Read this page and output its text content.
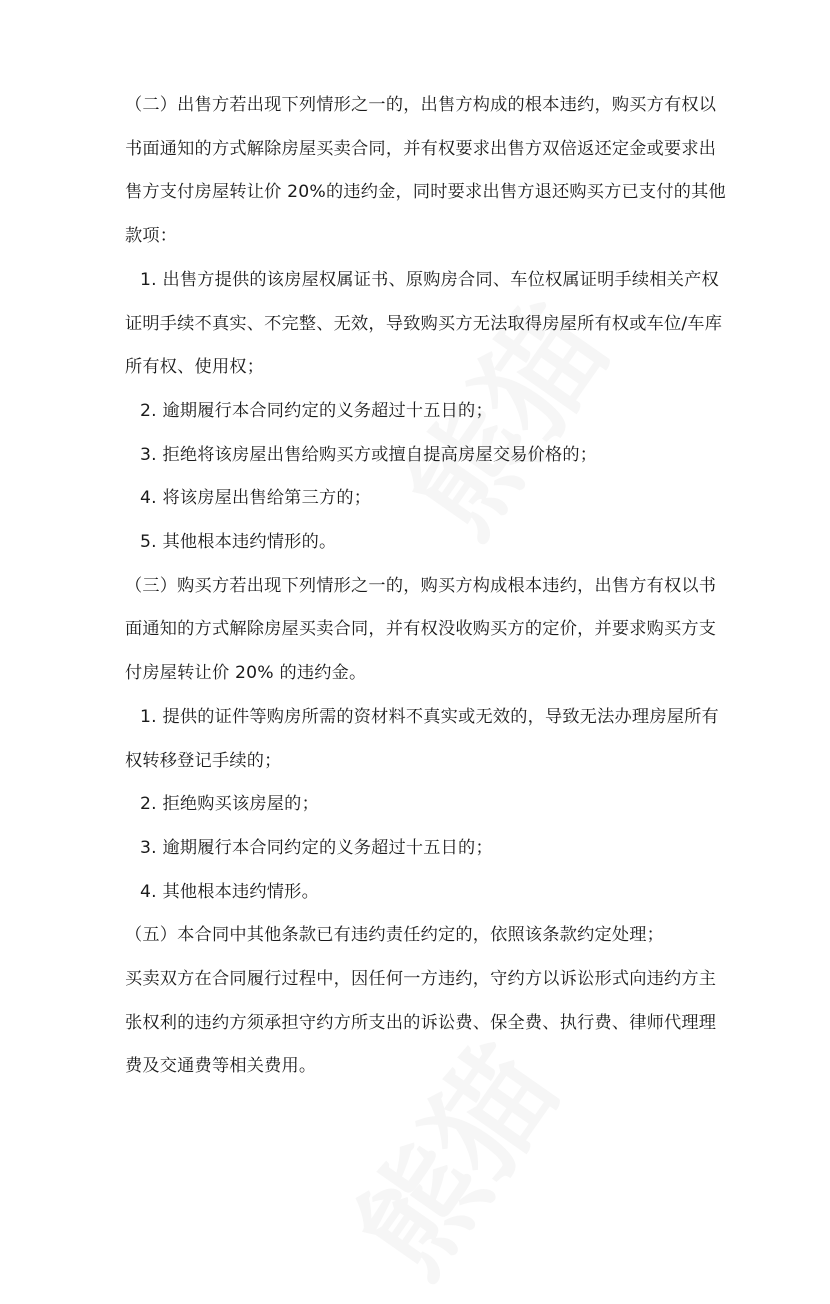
（二）出售方若出现下列情形之一的，出售方构成的根本违约，购买方有权以
书面通知的方式解除房屋买卖合同，并有权要求出售方双倍返还定金或要求出
售方支付房屋转让价 20%的违约金，同时要求出售方退还购买方已支付的其他
款项：
1. 出售方提供的该房屋权属证书、原购房合同、车位权属证明手续相关产权
证明手续不真实、不完整、无效，导致购买方无法取得房屋所有权或车位/车库
所有权、使用权；
2. 逾期履行本合同约定的义务超过十五日的；
3. 拒绝将该房屋出售给购买方或擅自提高房屋交易价格的；
4. 将该房屋出售给第三方的；
5. 其他根本违约情形的。
（三）购买方若出现下列情形之一的，购买方构成根本违约，出售方有权以书
面通知的方式解除房屋买卖合同，并有权没收购买方的定价，并要求购买方支
付房屋转让价 20% 的违约金。
1. 提供的证件等购房所需的资材料不真实或无效的，导致无法办理房屋所有
权转移登记手续的；
2. 拒绝购买该房屋的；
3. 逾期履行本合同约定的义务超过十五日的；
4. 其他根本违约情形。
（五）本合同中其他条款已有违约责任约定的，依照该条款约定处理；
买卖双方在合同履行过程中，因任何一方违约，守约方以诉讼形式向违约方主
张权利的违约方须承担守约方所支出的诉讼费、保全费、执行费、律师代理理
费及交通费等相关费用。
